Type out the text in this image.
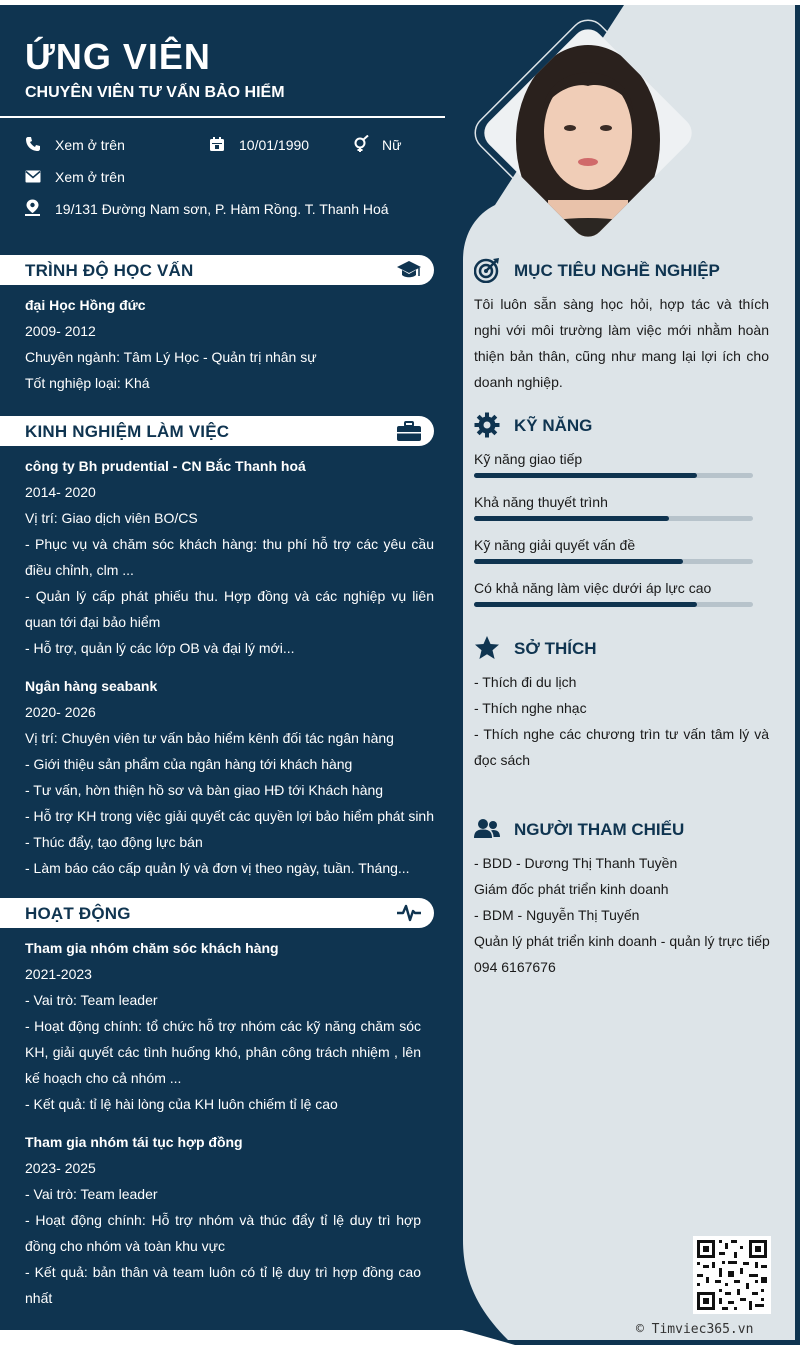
ỨNG VIÊN
CHUYÊN VIÊN TƯ VẤN BẢO HIỂM
Xem ở trên	10/01/1990	Nữ
Xem ở trên
19/131 Đường Nam sơn, P. Hàm Rồng. T. Thanh Hoá
TRÌNH ĐỘ HỌC VẤN

đại Học Hồng đức

2009- 2012

Chuyên ngành: Tâm Lý Học - Quản trị nhân sự

Tốt nghiệp loại: Khá

KINH NGHIỆM LÀM VIỆC

công ty Bh prudential - CN Bắc Thanh hoá

2014- 2020

Vị trí: Giao dịch viên BO/CS

- Phục vụ và chăm sóc khách hàng: thu phí hỗ trợ các yêu cầu điều chỉnh, clm ...

- Quản lý cấp phát phiếu thu. Hợp đồng và các nghiệp vụ liên quan tới đại bảo hiểm

- Hỗ trợ, quản lý các lớp OB và đại lý mới...

Ngân hàng seabank

2020- 2026

Vị trí: Chuyên viên tư vấn bảo hiểm kênh đối tác ngân hàng

- Giới thiệu sản phẩm của ngân hàng tới khách hàng

- Tư vấn, hờn thiện hồ sơ và bàn giao HĐ tới Khách hàng

- Hỗ trợ KH trong việc giải quyết các quyền lợi bảo hiểm phát sinh

- Thúc đẩy, tạo động lực bán

- Làm báo cáo cấp quản lý và đơn vị theo ngày, tuần. Tháng...

HOẠT ĐỘNG

Tham gia nhóm chăm sóc khách hàng

2021-2023

- Vai trò: Team leader

- Hoạt động chính: tổ chức hỗ trợ nhóm các kỹ năng chăm sóc KH, giải quyết các tình huống khó, phân công trách nhiệm , lên kế hoạch cho cả nhóm ...

- Kết quả: tỉ lệ hài lòng của KH luôn chiếm tỉ lệ cao

Tham gia nhóm tái tục hợp đồng

2023- 2025

- Vai trò: Team leader

- Hoạt động chính: Hỗ trợ nhóm và thúc đẩy tỉ lệ duy trì hợp đồng cho nhóm và toàn khu vực

- Kết quả: bản thân và team luôn có tỉ lệ duy trì hợp đồng cao nhất

MỤC TIÊU NGHỀ NGHIỆP

Tôi luôn sẵn sàng học hỏi, hợp tác và thích nghi với môi trường làm việc mới nhằm hoàn thiện bản thân, cũng như mang lại lợi ích cho doanh nghiệp.

KỸ NĂNG
Kỹ năng giao tiếp
Khả năng thuyết trình
Kỹ năng giải quyết vấn đề
Có khả năng làm việc dưới áp lực cao
SỞ THÍCH

- Thích đi du lịch

- Thích nghe nhạc

- Thích nghe các chương trìn tư vấn tâm lý và đọc sách

NGƯỜI THAM CHIẾU

- BDD - Dương Thị Thanh Tuyền

Giám đốc phát triển kinh doanh

- BDM - Nguyễn Thị Tuyến

Quản lý phát triển kinh doanh - quản lý trực tiếp

094 6167676

© Timviec365.vn
